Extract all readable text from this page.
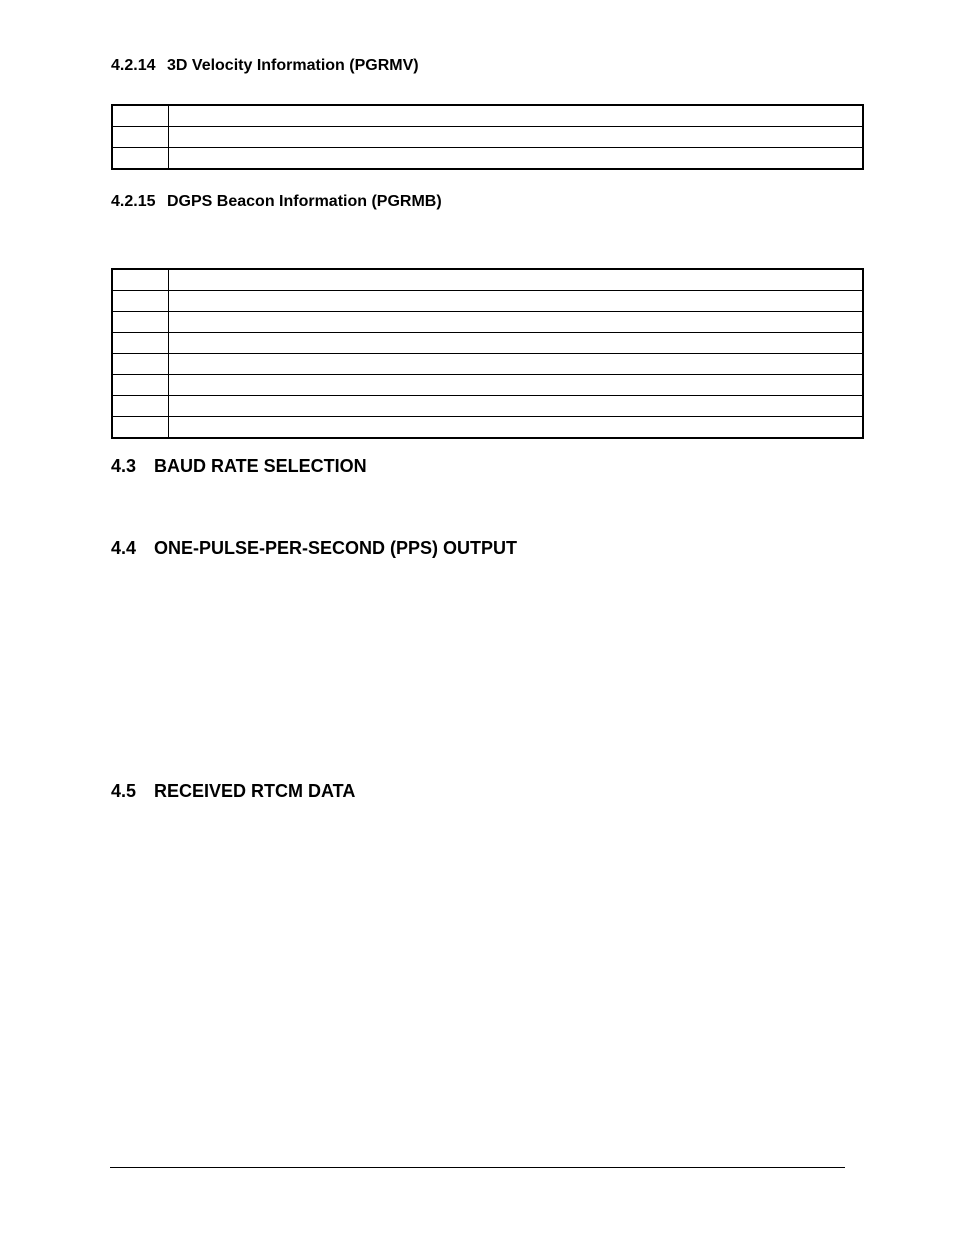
4.2.14 3D Velocity Information (PGRMV)

4.2.15 DGPS Beacon Information (PGRMB)

4.3 BAUD RATE SELECTION
4.4 ONE-PULSE-PER-SECOND (PPS) OUTPUT
4.5 RECEIVED RTCM DATA
